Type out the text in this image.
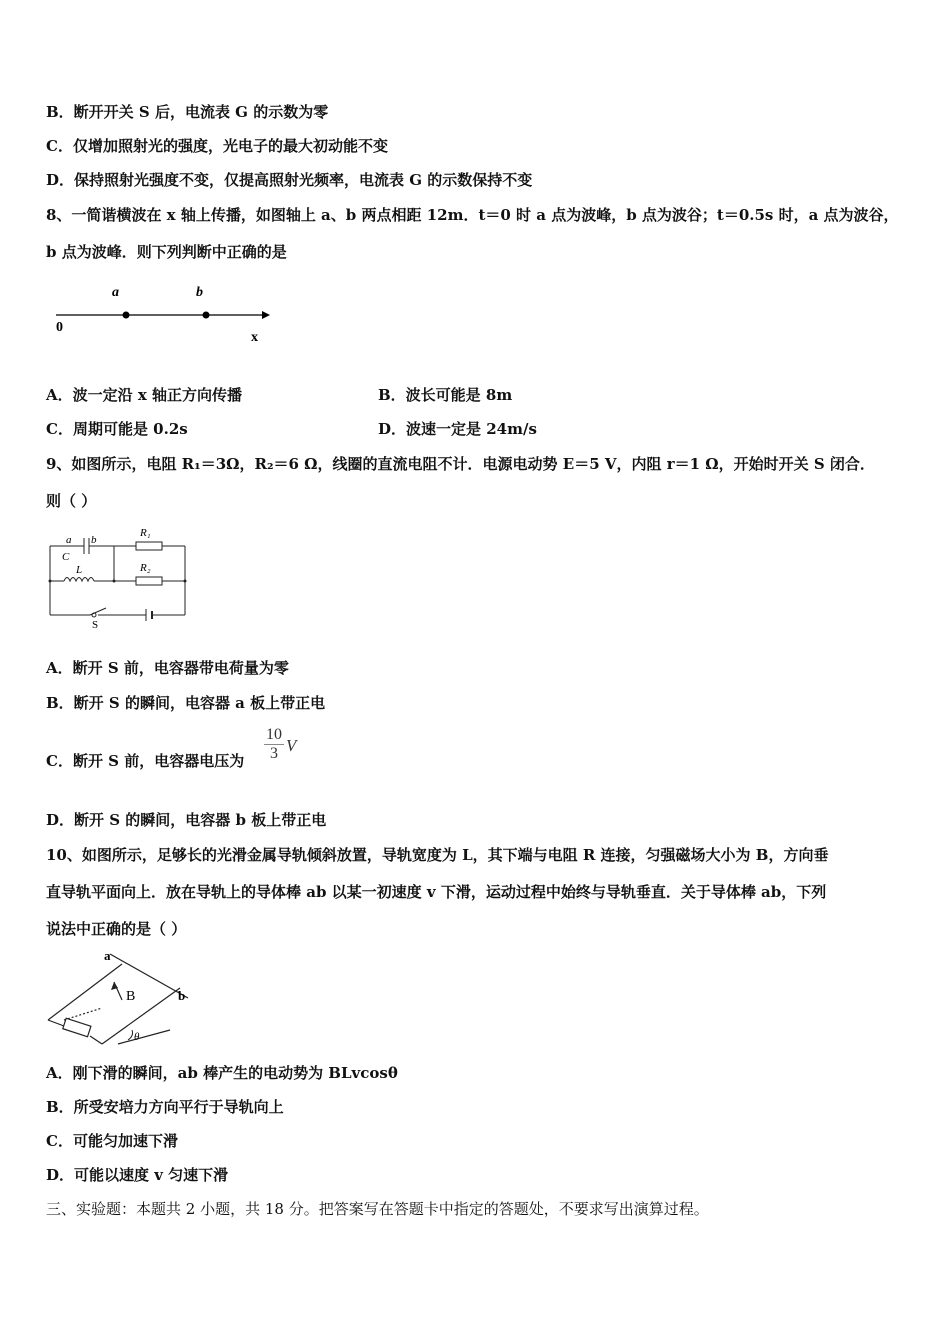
B．断开开关 S 后，电流表 G 的示数为零
C．仅增加照射光的强度，光电子的最大初动能不变
D．保持照射光强度不变，仅提高照射光频率，电流表 G 的示数保持不变
8、一简谐横波在 x 轴上传播，如图轴上 a、b 两点相距 12m．t＝0 时 a 点为波峰，b 点为波谷；t＝0.5s 时，a 点为波谷，
b 点为波峰．则下列判断中正确的是
a	b
0
x
A．波一定沿 x 轴正方向传播	B．波长可能是 8m
C．周期可能是 0.2s	D．波速一定是 24m/s
9、如图所示，电阻 R₁＝3Ω，R₂＝6 Ω，线圈的直流电阻不计．电源电动势 E＝5 V，内阻 r＝1 Ω，开始时开关 S 闭合．
则（ ）
a b
C
L
R₁
R₂
S
A．断开 S 前，电容器带电荷量为零
B．断开 S 的瞬间，电容器 a 板上带正电
C．断开 S 前，电容器电压为 $\frac{10}{3}$ V
D．断开 S 的瞬间，电容器 b 板上带正电
10、如图所示，足够长的光滑金属导轨倾斜放置，导轨宽度为 L，其下端与电阻 R 连接，匀强磁场大小为 B，方向垂
直导轨平面向上．放在导轨上的导体棒 ab 以某一初速度 v 下滑，运动过程中始终与导轨垂直．关于导体棒 ab，下列
说法中正确的是（ ）
a
b
B
θ
A．刚下滑的瞬间，ab 棒产生的电动势为 BLvcosθ
B．所受安培力方向平行于导轨向上
C．可能匀加速下滑
D．可能以速度 v 匀速下滑
三、实验题：本题共 2 小题，共 18 分。把答案写在答题卡中指定的答题处，不要求写出演算过程。
